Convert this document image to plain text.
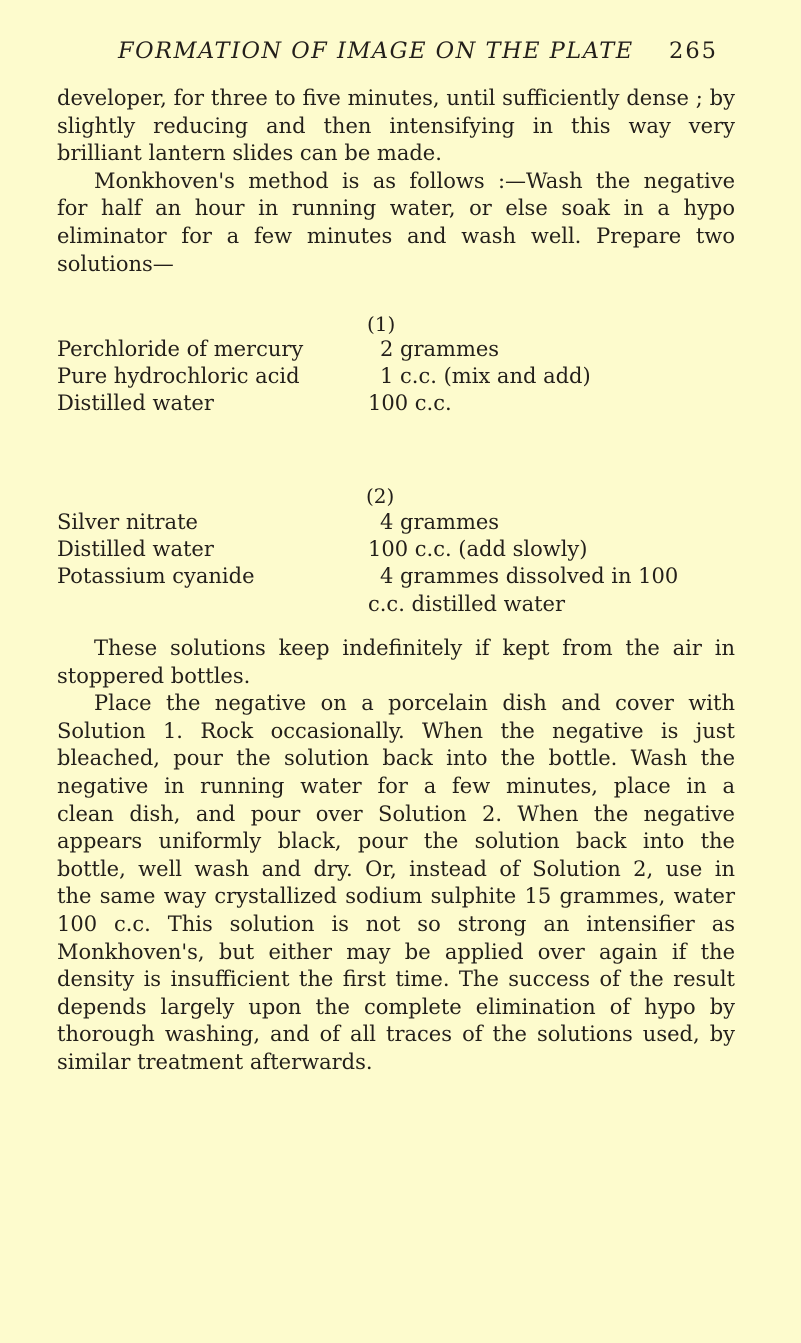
FORMATION OF IMAGE ON THE PLATE 265

developer, for three to five minutes, until sufficiently dense ; by
slightly reducing and then intensifying in this way very
brilliant lantern slides can be made.

Monkhoven's method is as follows :—Wash the negative
for half an hour in running water, or else soak in a hypo
eliminator for a few minutes and wash well. Prepare two
solutions—

(1)
Perchloride of mercury	2 grammes
Pure hydrochloric acid	1 c.c. (mix and add)
Distilled water	100 c.c.
(2)
Silver nitrate	4 grammes
Distilled water	100 c.c. (add slowly)
Potassium cyanide	4 grammes dissolved in 100
c.c. distilled water

These solutions keep indefinitely if kept from the air in
stoppered bottles.

Place the negative on a porcelain dish and cover with
Solution 1. Rock occasionally. When the negative is just
bleached, pour the solution back into the bottle. Wash the
negative in running water for a few minutes, place in a
clean dish, and pour over Solution 2. When the negative
appears uniformly black, pour the solution back into the
bottle, well wash and dry. Or, instead of Solution 2, use in
the same way crystallized sodium sulphite 15 grammes, water
100 c.c. This solution is not so strong an intensifier as
Monkhoven's, but either may be applied over again if the
density is insufficient the first time. The success of the result
depends largely upon the complete elimination of hypo by
thorough washing, and of all traces of the solutions used, by
similar treatment afterwards.
